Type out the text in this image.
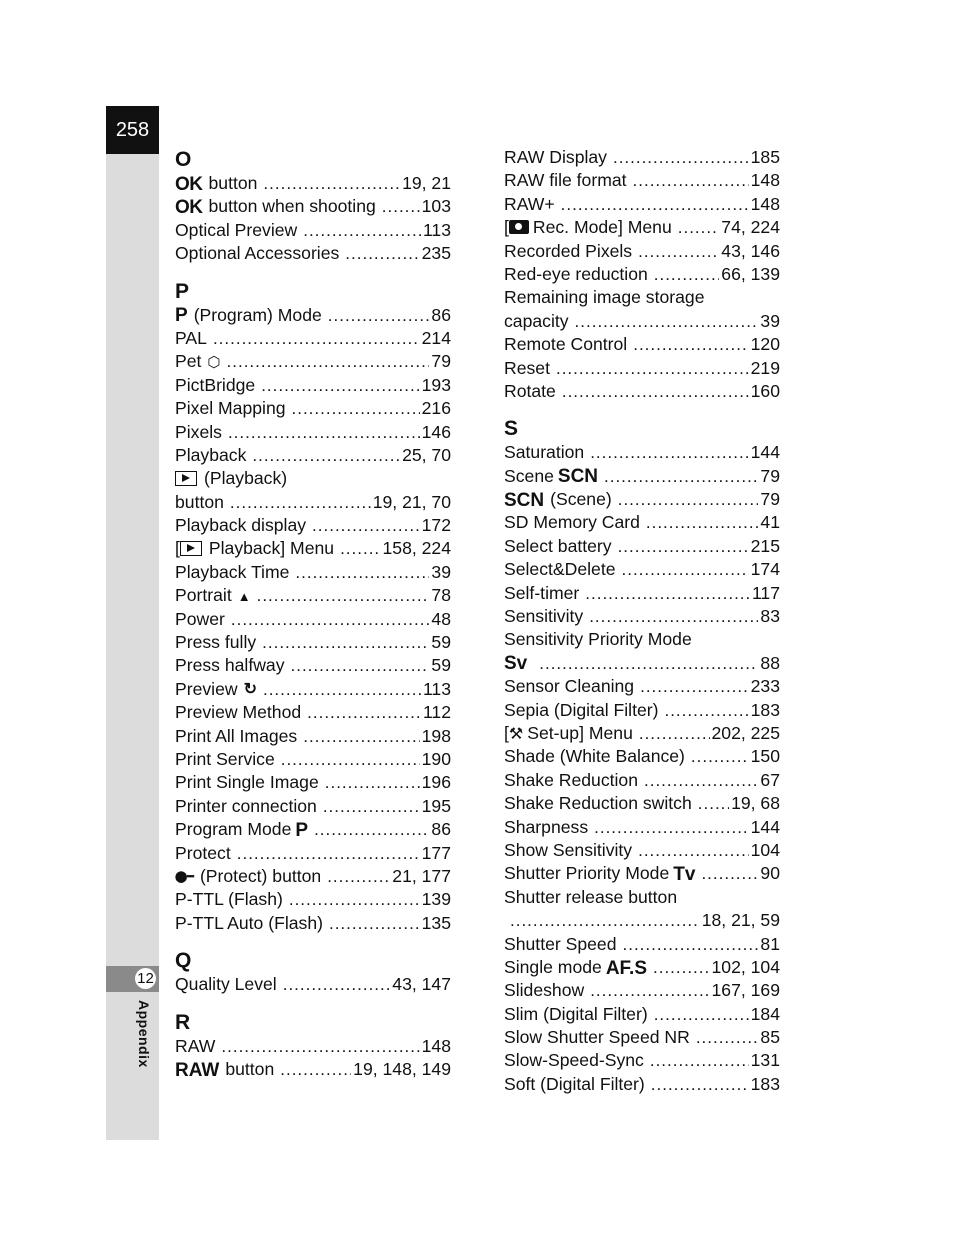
258
12
Appendix
O
OK button .....	19, 21
OK button when shooting .....	103
Optical Preview .....	113
Optional Accessories .....	235
P
P (Program) Mode .....	86
PAL .....	214
Pet ⬡ .....	79
PictBridge .....	193
Pixel Mapping .....	216
Pixels .....	146
Playback .....	25, 70
(Playback)
button .....	19, 21, 70
Playback display .....	172
[ Playback] Menu .....	158, 224
Playback Time .....	39
Portrait ▲ .....	78
Power .....	48
Press fully .....	59
Press halfway .....	59
Preview ↻ .....	113
Preview Method .....	112
Print All Images .....	198
Print Service .....	190
Print Single Image .....	196
Printer connection .....	195
Program Mode P .....	86
Protect .....	177
⬤━ (Protect) button .....	21, 177
P-TTL (Flash) .....	139
P-TTL Auto (Flash) .....	135
Q
Quality Level .....	43, 147
R
RAW .....	148
RAW button .....	19, 148, 149
RAW Display .....	185
RAW file format .....	148
RAW+ .....	148
[ Rec. Mode] Menu .....	74, 224
Recorded Pixels .....	43, 146
Red-eye reduction .....	66, 139
Remaining image storage
capacity .....	39
Remote Control .....	120
Reset .....	219
Rotate .....	160
S
Saturation .....	144
Scene SCN .....	79
SCN (Scene) .....	79
SD Memory Card .....	41
Select battery .....	215
Select&Delete .....	174
Self-timer .....	117
Sensitivity .....	83
Sensitivity Priority Mode
Sv .....	88
Sensor Cleaning .....	233
Sepia (Digital Filter) .....	183
[⚒ Set-up] Menu .....	202, 225
Shade (White Balance) .....	150
Shake Reduction .....	67
Shake Reduction switch ..... 19, 68
Sharpness .....	144
Show Sensitivity .....	104
Shutter Priority Mode Tv .....	90
Shutter release button
.....
18, 21, 59
Shutter Speed .....	81
Single mode AF.S .....	102, 104
Slideshow .....	167, 169
Slim (Digital Filter) .....	184
Slow Shutter Speed NR .....	85
Slow-Speed-Sync .....	131
Soft (Digital Filter) .....	183
